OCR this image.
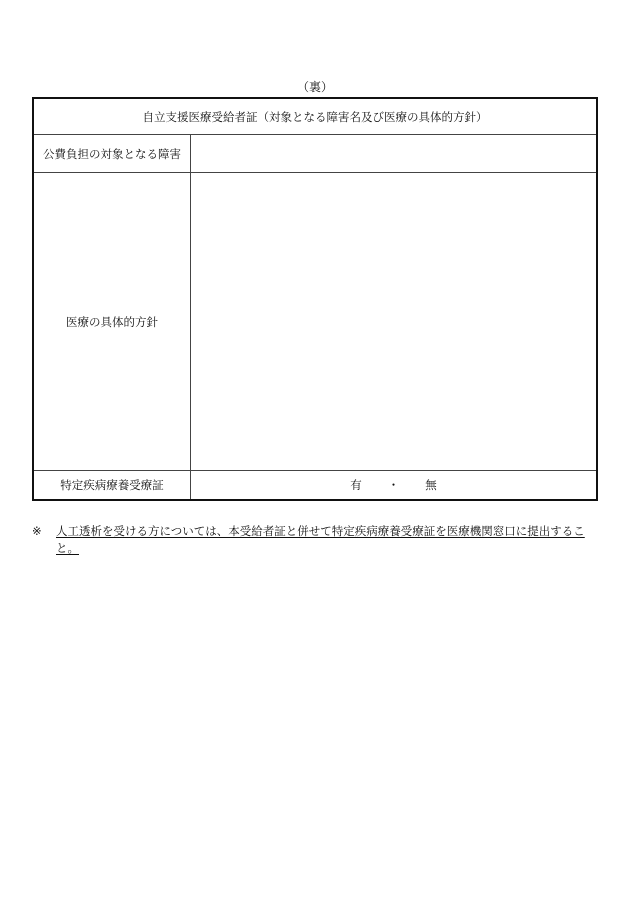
（裏）
自立支援医療受給者証（対象となる障害名及び医療の具体的方針）
公費負担の対象となる障害
医療の具体的方針
特定疾病療養受療証	有 ・ 無
※	人工透析を受ける方については、本受給者証と併せて特定疾病療養受療証を医療機関窓口に提出すること。
